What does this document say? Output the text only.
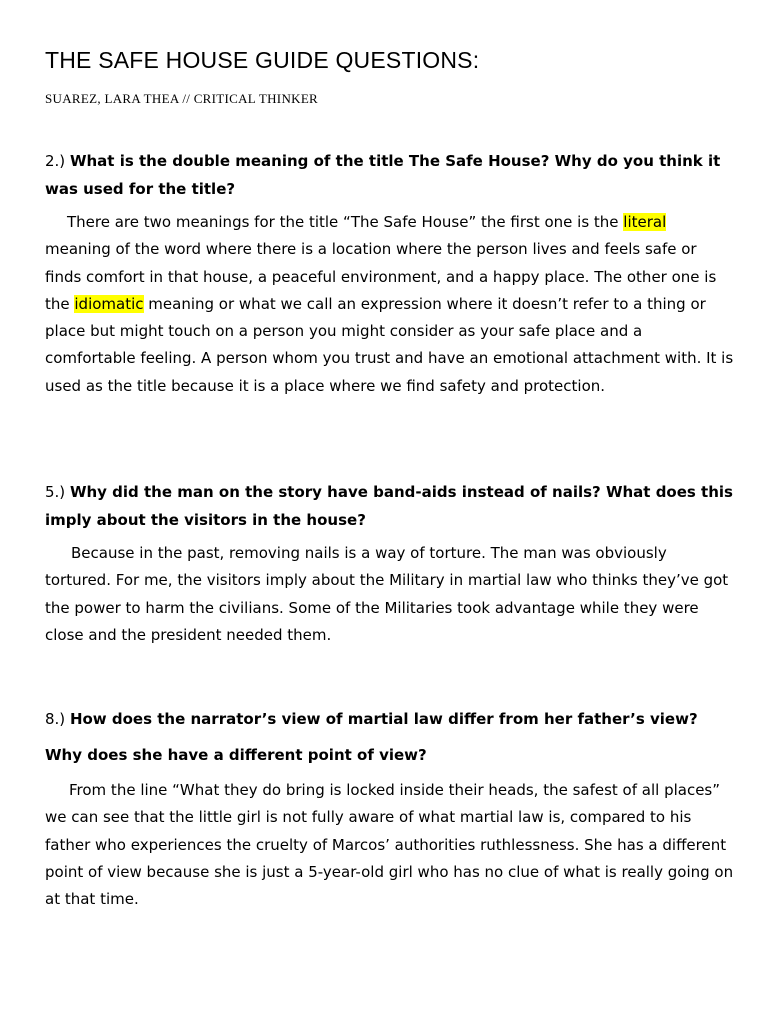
THE SAFE HOUSE GUIDE QUESTIONS:
SUAREZ, LARA THEA // CRITICAL THINKER

2.) What is the double meaning of the title The Safe House? Why do you think it
was used for the title?

There are two meanings for the title “The Safe House” the first one is the literal meaning of the word where there is a location where the person lives and feels safe or finds comfort in that house, a peaceful environment, and a happy place. The other one is the idiomatic meaning or what we call an expression where it doesn’t refer to a thing or place but might touch on a person you might consider as your safe place and a comfortable feeling. A person whom you trust and have an emotional attachment with. It is used as the title because it is a place where we find safety and protection.

5.) Why did the man on the story have band-aids instead of nails? What does this
imply about the visitors in the house?

Because in the past, removing nails is a way of torture. The man was obviously tortured. For me, the visitors imply about the Military in martial law who thinks they’ve got the power to harm the civilians. Some of the Militaries took advantage while they were close and the president needed them.

8.) How does the narrator’s view of martial law differ from her father’s view?
Why does she have a different point of view?

From the line “What they do bring is locked inside their heads, the safest of all places” we can see that the little girl is not fully aware of what martial law is, compared to his father who experiences the cruelty of Marcos’ authorities ruthlessness. She has a different point of view because she is just a 5-year-old girl who has no clue of what is really going on at that time.
